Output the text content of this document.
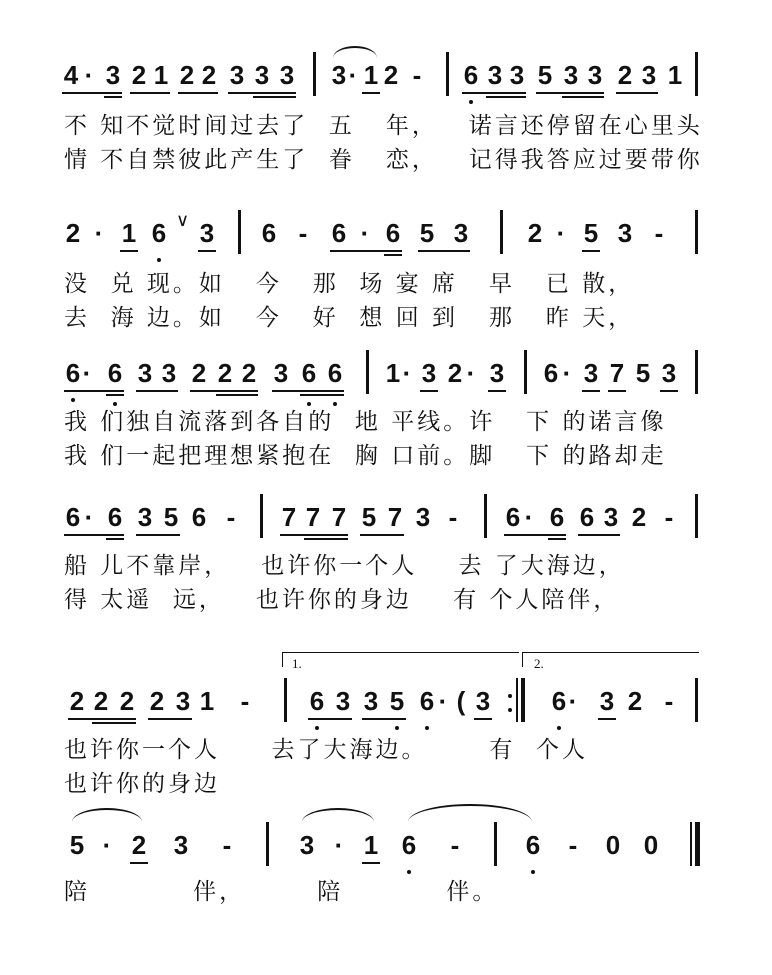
4 · 3 2 1 2 2 3 3 3 3 · 1 2 - 6 3 3 5 3 3 2 3 1
不 知不觉时间过去了  五   年，   诺言还停留在心里头
情 不自禁彼此产生了  眷   恋，   记得我答应过要带你
2 · 1 6 ∨ 3 6 - 6 · 6 5 3 2 · 5 3 -
没  兑 现。如   今   那  场 宴 席   早   已 散，
去  海 边。如   今   好  想 回 到   那   昨 天，
6 · 6 3 3 2 2 2 3 6 6 1 · 3 2 · 3 6 · 3 7 5 3
我 们独自流落到各自的  地 平线。许   下 的诺言像
我 们一起把理想紧抱在  胸 口前。脚   下 的路却走
6 · 6 3 5 6 - 7 7 7 5 7 3 - 6 · 6 6 3 2 -
船 儿不靠岸，   也许你一个人    去 了大海边，
得 太遥  远，   也许你的身边    有 个人陪伴，
1.	2.
2 2 2 2 3 1 - 6 3 3 5 6 · ( 3 6 · 3 2 -
也许你一个人     去了大海边。      有  个人
也许你的身边
5 · 2 3 -	3 · 1 6 -	6 - 0 0
陪          伴，       陪          伴。
